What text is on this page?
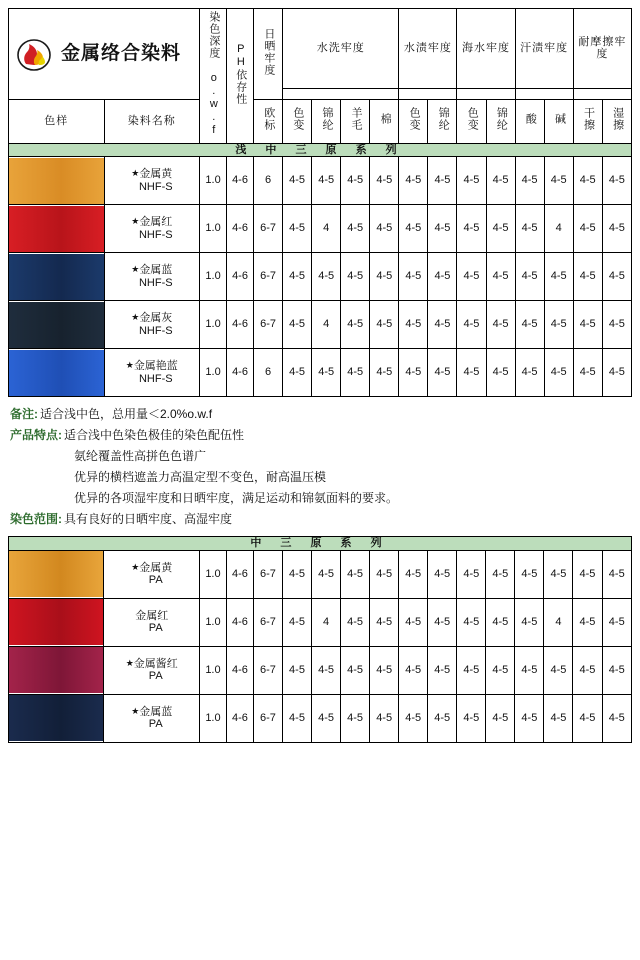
金属络合染料		染色深度 o.w.f	PH依存性	日晒牢度	水洗牢度				水渍牢度		海水牢度		汗渍牢度		耐摩擦牢度	

色样	染料名称			欧标	色变	锦纶	羊毛	棉	色变	锦纶	色变	锦纶	酸	碱	干擦	湿擦
浅 中 三 原 系 列																

	★金属黄
NHF-S	1.0	4-6	6	4-5	4-5	4-5	4-5	4-5	4-5	4-5	4-5	4-5	4-5	4-5	4-5

	★金属红
NHF-S	1.0	4-6	6-7	4-5	4	4-5	4-5	4-5	4-5	4-5	4-5	4-5	4	4-5	4-5

	★金属蓝
NHF-S	1.0	4-6	6-7	4-5	4-5	4-5	4-5	4-5	4-5	4-5	4-5	4-5	4-5	4-5	4-5

	★金属灰
NHF-S	1.0	4-6	6-7	4-5	4	4-5	4-5	4-5	4-5	4-5	4-5	4-5	4-5	4-5	4-5

	★金属艳蓝
NHF-S	1.0	4-6	6	4-5	4-5	4-5	4-5	4-5	4-5	4-5	4-5	4-5	4-5	4-5	4-5
备注: 适合浅中色，总用量＜2.0%o.w.f
产品特点: 适合浅中色染色极佳的染色配伍性
氨纶覆盖性高拼色色谱广
优异的横档遮盖力高温定型不变色，耐高温压模
优异的各项湿牢度和日晒牢度，满足运动和锦氨面料的要求。
染色范围: 具有良好的日晒牢度、高湿牢度
中 三 原 系 列																

	★金属黄
PA	1.0	4-6	6-7	4-5	4-5	4-5	4-5	4-5	4-5	4-5	4-5	4-5	4-5	4-5	4-5

	金属红
PA	1.0	4-6	6-7	4-5	4	4-5	4-5	4-5	4-5	4-5	4-5	4-5	4	4-5	4-5

	★金属酱红
PA	1.0	4-6	6-7	4-5	4-5	4-5	4-5	4-5	4-5	4-5	4-5	4-5	4-5	4-5	4-5

	★金属蓝
PA	1.0	4-6	6-7	4-5	4-5	4-5	4-5	4-5	4-5	4-5	4-5	4-5	4-5	4-5	4-5
